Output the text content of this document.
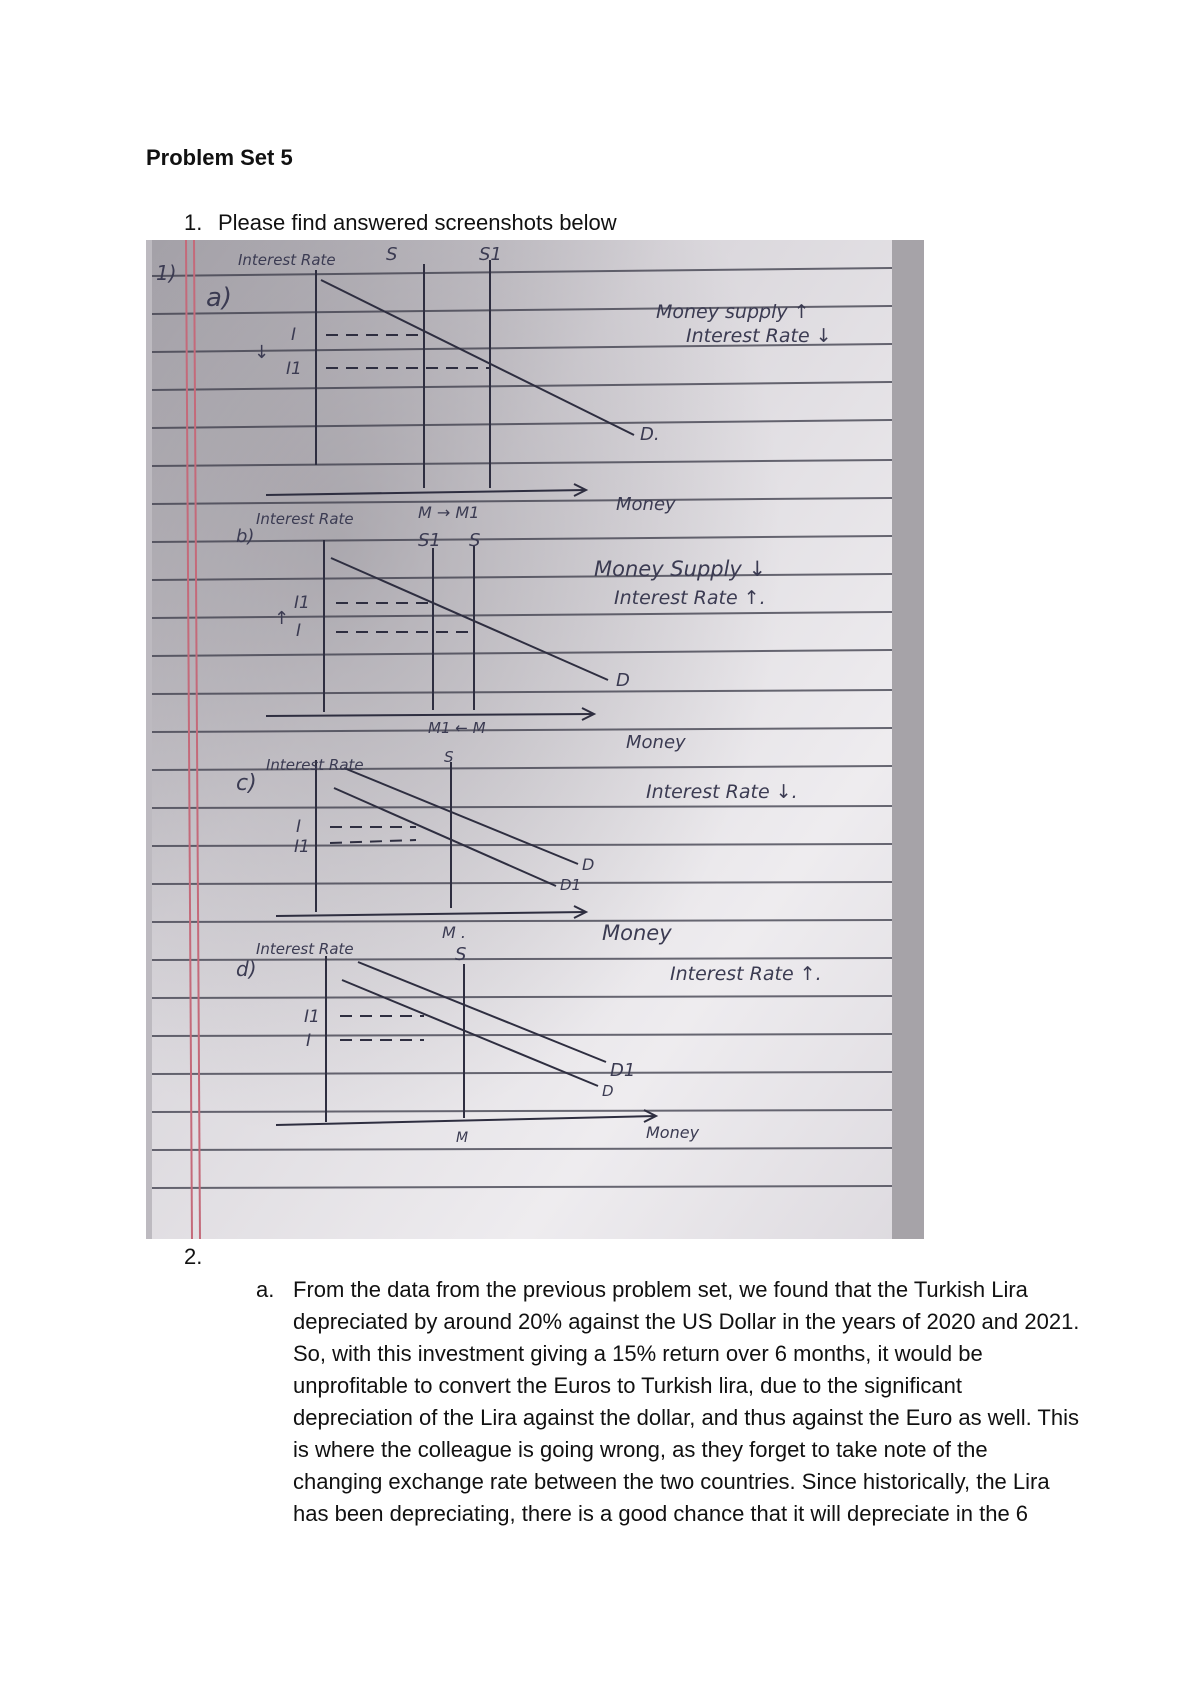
Problem Set 5
1. Please find answered screenshots below
1)
Interest Rate
a)
S	S1
I
I1
↓
D.
M → M1	Money
Money supply ↑
Interest Rate ↓
Interest Rate
b)	S1 S
I1
I
↑
D
M1 ← M
Money
Money Supply ↓
Interest Rate ↑.
Interest Rate
c)
S
I
I1
D
D1
M .	Money
Interest Rate ↓.
Interest Rate
d)
S
I1
I
D1
D
M	Money
Interest Rate ↑.
2.
a. From the data from the previous problem set, we found that the Turkish Lira depreciated by around 20% against the US Dollar in the years of 2020 and 2021. So, with this investment giving a 15% return over 6 months, it would be unprofitable to convert the Euros to Turkish lira, due to the significant depreciation of the Lira against the dollar, and thus against the Euro as well. This is where the colleague is going wrong, as they forget to take note of the changing exchange rate between the two countries. Since historically, the Lira has been depreciating, there is a good chance that it will depreciate in the 6
